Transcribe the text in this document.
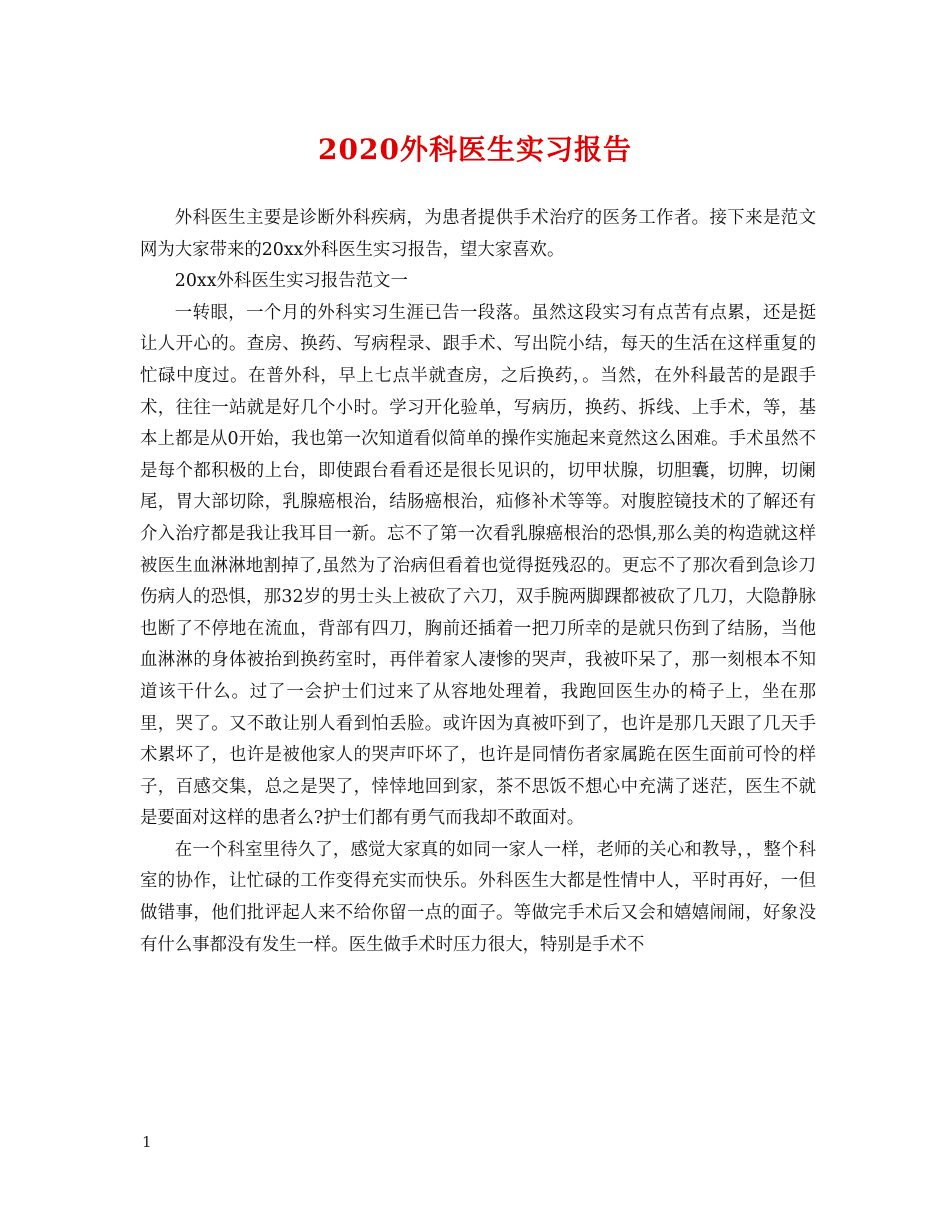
2020外科医生实习报告

外科医生主要是诊断外科疾病，为患者提供手术治疗的医务工作者。接下来是范文网为大家带来的20xx外科医生实习报告，望大家喜欢。

20xx外科医生实习报告范文一

一转眼，一个月的外科实习生涯已告一段落。虽然这段实习有点苦有点累，还是挺让人开心的。查房、换药、写病程录、跟手术、写出院小结，每天的生活在这样重复的忙碌中度过。在普外科，早上七点半就查房，之后换药，。当然，在外科最苦的是跟手术，往往一站就是好几个小时。学习开化验单，写病历，换药、拆线、上手术，等，基本上都是从0开始，我也第一次知道看似简单的操作实施起来竟然这么困难。手术虽然不是每个都积极的上台，即使跟台看看还是很长见识的，切甲状腺，切胆囊，切脾，切阑尾，胃大部切除，乳腺癌根治，结肠癌根治，疝修补术等等。对腹腔镜技术的了解还有介入治疗都是我让我耳目一新。忘不了第一次看乳腺癌根治的恐惧,那么美的构造就这样被医生血淋淋地割掉了,虽然为了治病但看着也觉得挺残忍的。更忘不了那次看到急诊刀伤病人的恐惧，那32岁的男士头上被砍了六刀，双手腕两脚踝都被砍了几刀，大隐静脉也断了不停地在流血，背部有四刀，胸前还插着一把刀所幸的是就只伤到了结肠，当他血淋淋的身体被抬到换药室时，再伴着家人凄惨的哭声，我被吓呆了，那一刻根本不知道该干什么。过了一会护士们过来了从容地处理着，我跑回医生办的椅子上，坐在那里，哭了。又不敢让别人看到怕丢脸。或许因为真被吓到了，也许是那几天跟了几天手术累坏了，也许是被他家人的哭声吓坏了，也许是同情伤者家属跪在医生面前可怜的样子，百感交集，总之是哭了，悻悻地回到家，茶不思饭不想心中充满了迷茫，医生不就是要面对这样的患者么?护士们都有勇气而我却不敢面对。

在一个科室里待久了，感觉大家真的如同一家人一样，老师的关心和教导，，整个科室的协作，让忙碌的工作变得充实而快乐。外科医生大都是性情中人，平时再好，一但做错事，他们批评起人来不给你留一点的面子。等做完手术后又会和嬉嬉闹闹，好象没有什么事都没有发生一样。医生做手术时压力很大，特别是手术不

1
